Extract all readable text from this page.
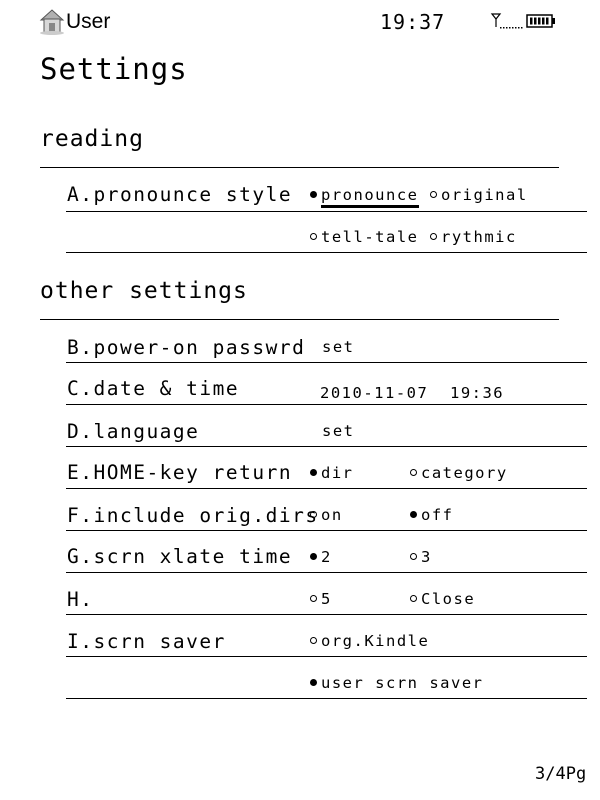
User	19:37
Settings
reading
A.pronounce style	pronounce	original
tell-tale	rythmic
other settings
B.power-on passwrd set
C.date & time	2010-11-07  19:36
D.language	set
E.HOME-key return	dir	category
F.include orig.dirs on	off
G.scrn xlate time	2	3
H.	5	Close
I.scrn saver	org.Kindle
user scrn saver
3/4Pg
